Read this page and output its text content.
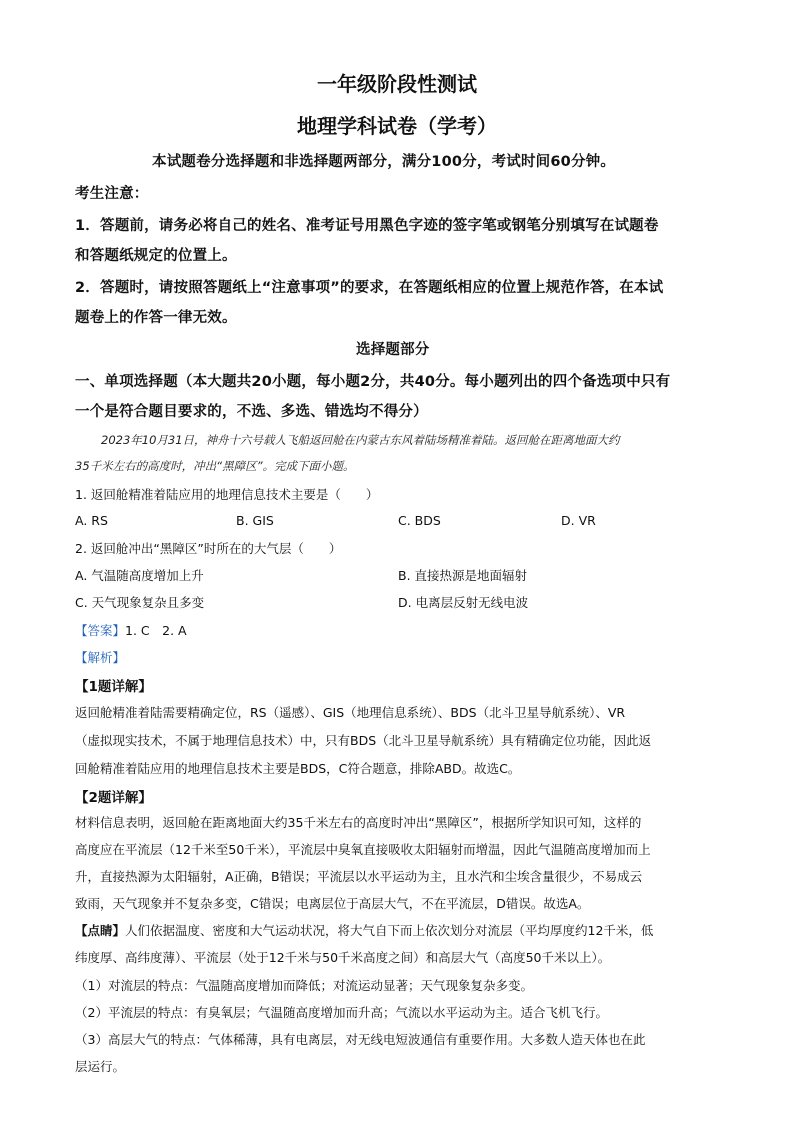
一年级阶段性测试
地理学科试卷（学考）
本试题卷分选择题和非选择题两部分，满分100分，考试时间60分钟。
考生注意：
1．答题前，请务必将自己的姓名、准考证号用黑色字迹的签字笔或钢笔分别填写在试题卷
和答题纸规定的位置上。
2．答题时，请按照答题纸上“注意事项”的要求，在答题纸相应的位置上规范作答，在本试
题卷上的作答一律无效。
选择题部分
一、单项选择题（本大题共20小题，每小题2分，共40分。每小题列出的四个备选项中只有
一个是符合题目要求的，不选、多选、错选均不得分）
2023年10月31日，神舟十六号载人飞船返回舱在内蒙古东风着陆场精准着陆。返回舱在距离地面大约
35千米左右的高度时，冲出“黑障区”。完成下面小题。
1. 返回舱精准着陆应用的地理信息技术主要是（　　）
A. RS	B. GIS	C. BDS	D. VR
2. 返回舱冲出“黑障区”时所在的大气层（　　）
A. 气温随高度增加上升	B. 直接热源是地面辐射
C. 天气现象复杂且多变	D. 电离层反射无线电波
【答案】1. C　2. A
【解析】
【1题详解】
返回舱精准着陆需要精确定位，RS（遥感）、GIS（地理信息系统）、BDS（北斗卫星导航系统）、VR
（虚拟现实技术，不属于地理信息技术）中，只有BDS（北斗卫星导航系统）具有精确定位功能，因此返
回舱精准着陆应用的地理信息技术主要是BDS，C符合题意，排除ABD。故选C。
【2题详解】
材料信息表明，返回舱在距离地面大约35千米左右的高度时冲出“黑障区”，根据所学知识可知，这样的
高度应在平流层（12千米至50千米），平流层中臭氧直接吸收太阳辐射而增温，因此气温随高度增加而上
升，直接热源为太阳辐射，A正确，B错误；平流层以水平运动为主，且水汽和尘埃含量很少，不易成云
致雨，天气现象并不复杂多变，C错误；电离层位于高层大气，不在平流层，D错误。故选A。
【点睛】人们依据温度、密度和大气运动状况，将大气自下而上依次划分对流层（平均厚度约12千米，低
纬度厚、高纬度薄）、平流层（处于12千米与50千米高度之间）和高层大气（高度50千米以上）。
（1）对流层的特点：气温随高度增加而降低；对流运动显著；天气现象复杂多变。
（2）平流层的特点：有臭氧层；气温随高度增加而升高；气流以水平运动为主。适合飞机飞行。
（3）高层大气的特点：气体稀薄，具有电离层，对无线电短波通信有重要作用。大多数人造天体也在此
层运行。
